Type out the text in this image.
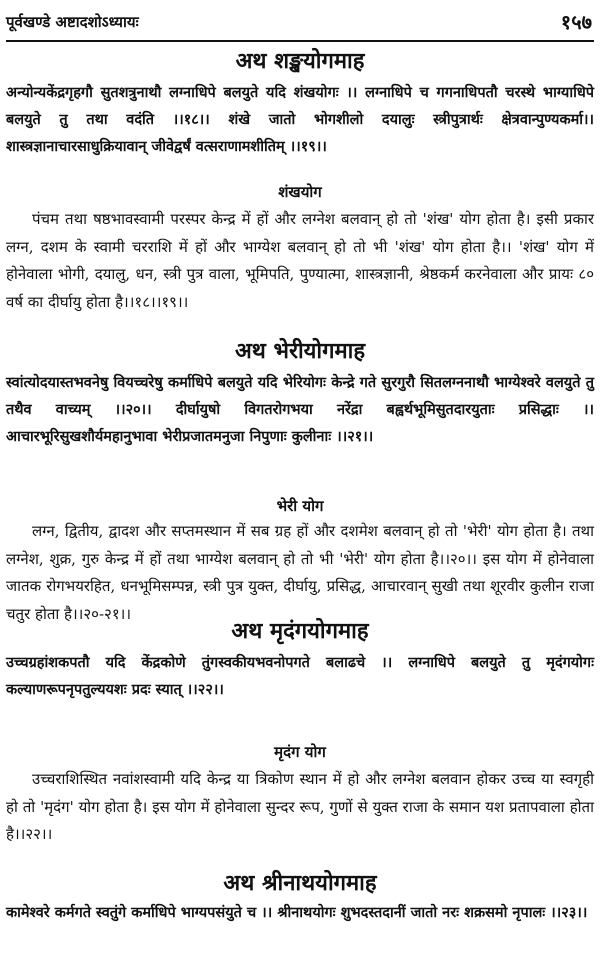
पूर्वखण्डे अष्टादशोऽध्यायः	१५७
अथ शङ्खयोगमाह
अन्योन्यकेंद्रगृहगौ सुतशत्रुनाथौ लग्नाधिपे बलयुते यदि शंखयोगः ।। लग्नाधिपे च गगनाधिपतौ चरस्थे भाग्याधिपे बलयुते तु तथा वदंति ।।१८।। शंखे जातो भोगशीलो दयालुः स्त्रीपुत्रार्थः क्षेत्रवान्पुण्यकर्मा।। शास्त्रज्ञानाचारसाधुक्रियावान् जीवेद्वर्षं वत्सराणामशीतिम् ।।१९।।
शंखयोग
पंचम तथा षष्ठभावस्वामी परस्पर केन्द्र में हों और लग्नेश बलवान् हो तो 'शंख' योग होता है। इसी प्रकार लग्न, दशम के स्वामी चरराशि में हों और भाग्येश बलवान् हो तो भी 'शंख' योग होता है।। 'शंख' योग में होनेवाला भोगी, दयालु, धन, स्त्री पुत्र वाला, भूमिपति, पुण्यात्मा, शास्त्रज्ञानी, श्रेष्ठकर्म करनेवाला और प्रायः ८० वर्ष का दीर्घायु होता है।।१८।।१९।।
अथ भेरीयोगमाह
स्वांत्योदयास्तभवनेषु वियच्चरेषु कर्माधिपे बलयुते यदि भेरियोगः केन्द्रे गते सुरगुरौ सितलग्ननाथौ भाग्येश्वरे वलयुते तु तथैव वाच्यम् ।।२०।। दीर्घायुषो विगतरोगभया नरेंद्रा बह्वर्थभूमिसुतदारयुताः प्रसिद्धाः ।। आचारभूरिसुखशौर्यमहानुभावा भेरीप्रजातमनुजा निपुणाः कुलीनाः ।।२१।।
भेरी योग
लग्न, द्वितीय, द्वादश और सप्तमस्थान में सब ग्रह हों और दशमेश बलवान् हो तो 'भेरी' योग होता है। तथा लग्नेश, शुक्र, गुरु केन्द्र में हों तथा भाग्येश बलवान् हो तो भी 'भेरी' योग होता है।।२०।। इस योग में होनेवाला जातक रोगभयरहित, धनभूमिसम्पन्न, स्त्री पुत्र युक्त, दीर्घायु, प्रसिद्ध, आचारवान् सुखी तथा शूरवीर कुलीन राजा चतुर होता है।।२०-२१।।
अथ मृदंगयोगमाह
उच्चग्रहांशकपतौ यदि केंद्रकोणे तुंगस्वकीयभवनोपगते बलाढचे ।। लग्नाधिपे बलयुते तु मृदंगयोगः कल्याणरूपनृपतुल्ययशः प्रदः स्यात् ।।२२।।
मृदंग योग
उच्चराशिस्थित नवांशस्वामी यदि केन्द्र या त्रिकोण स्थान में हो और लग्नेश बलवान होकर उच्च या स्वगृही हो तो 'मृदंग' योग होता है। इस योग में होनेवाला सुन्दर रूप, गुणों से युक्त राजा के समान यश प्रतापवाला होता है।।२२।।
अथ श्रीनाथयोगमाह
कामेश्वरे कर्मगते स्वतुंगे कर्माधिपे भाग्यपसंयुते च ।। श्रीनाथयोगः शुभदस्तदानीं जातो नरः शक्रसमो नृपालः ।।२३।।
